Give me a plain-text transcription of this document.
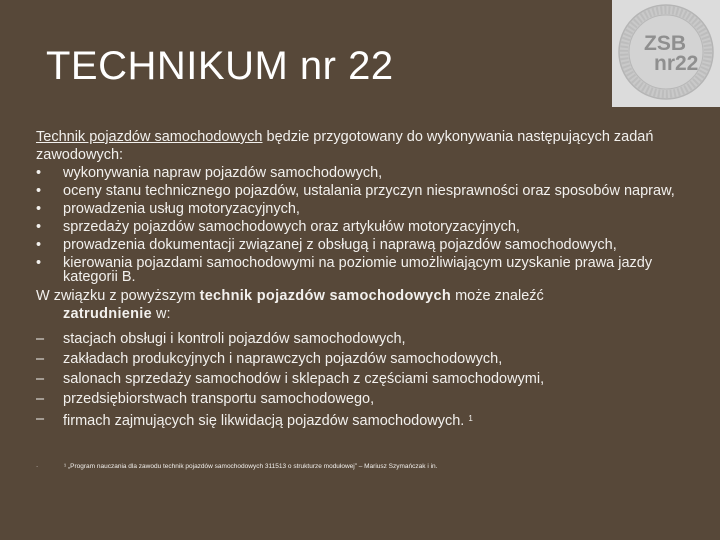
TECHNIKUM nr 22
ZSB
nr22

Technik pojazdów samochodowych będzie przygotowany do wykonywania następujących zadań zawodowych:

• wykonywania napraw pojazdów samochodowych,
• oceny stanu technicznego pojazdów, ustalania przyczyn niesprawności oraz sposobów napraw,
• prowadzenia usług motoryzacyjnych,
• sprzedaży pojazdów samochodowych oraz artykułów motoryzacyjnych,
• prowadzenia dokumentacji związanej z obsługą i naprawą pojazdów samochodowych,
• kierowania pojazdami samochodowymi na poziomie umożliwiającym uzyskanie prawa jazdy kategorii B.
W związku z powyższym technik pojazdów samochodowych może znaleźć
zatrudnienie w:
– stacjach obsługi i kontroli pojazdów samochodowych,
– zakładach produkcyjnych i naprawczych pojazdów samochodowych,
– salonach sprzedaży samochodów i sklepach z częściami samochodowymi,
– przedsiębiorstwach transportu samochodowego,
– firmach zajmujących się likwidacją pojazdów samochodowych. $^1$
·	¹ „Program nauczania dla zawodu technik pojazdów samochodowych 311513 o strukturze modułowej” – Mariusz Szymańczak i in.
